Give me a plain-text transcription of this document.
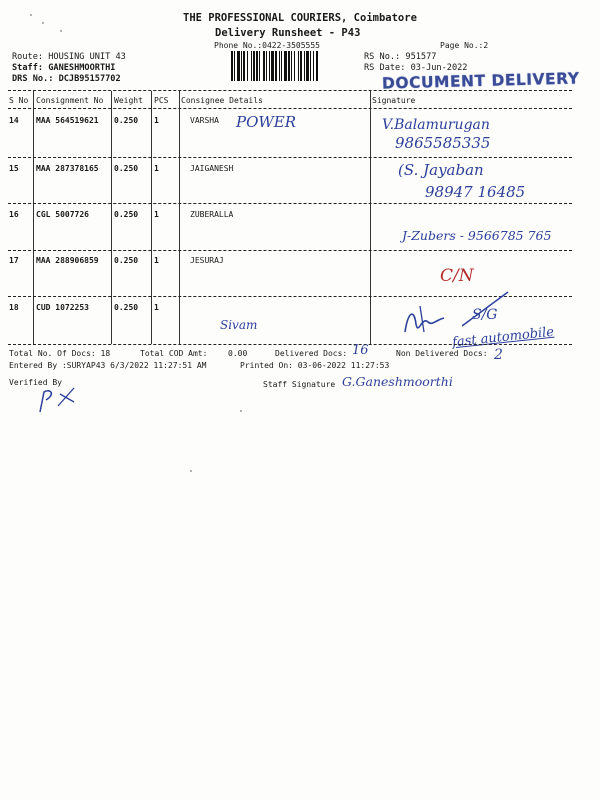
THE PROFESSIONAL COURIERS, Coimbatore
Delivery Runsheet - P43
Phone No.:0422-3505555	Page No.:2
Route: HOUSING UNIT 43
Staff: GANESHMOORTHI
DRS No.: DCJB95157702
RS No.: 951577
RS Date: 03-Jun-2022
DOCUMENT DELIVERY
S No Consignment No Weight PCS Consignee Details	Signature
14 MAA 564519621 0.250 1	VARSHA POWER	V.Balamurugan
9865585335
15 MAA 287378165 0.250 1	JAIGANESH	(S. Jayaban
98947 16485
16 CGL 5007726	0.250 1	ZUBERALLA
J-Zubers - 9566785 765
17 MAA 288906859 0.250 1	JESURAJ
C/N
18 CUD 1072253	0.250 1
Sivam
S/G
fast automobile
Total No. Of Docs: 18	Total COD Amt:	0.00	Delivered Docs: 16	Non Delivered Docs: 2
Entered By :SURYAP43 6/3/2022 11:27:51 AM	Printed On: 03-06-2022 11:27:53
Verified By	Staff Signature G.Ganeshmoorthi
